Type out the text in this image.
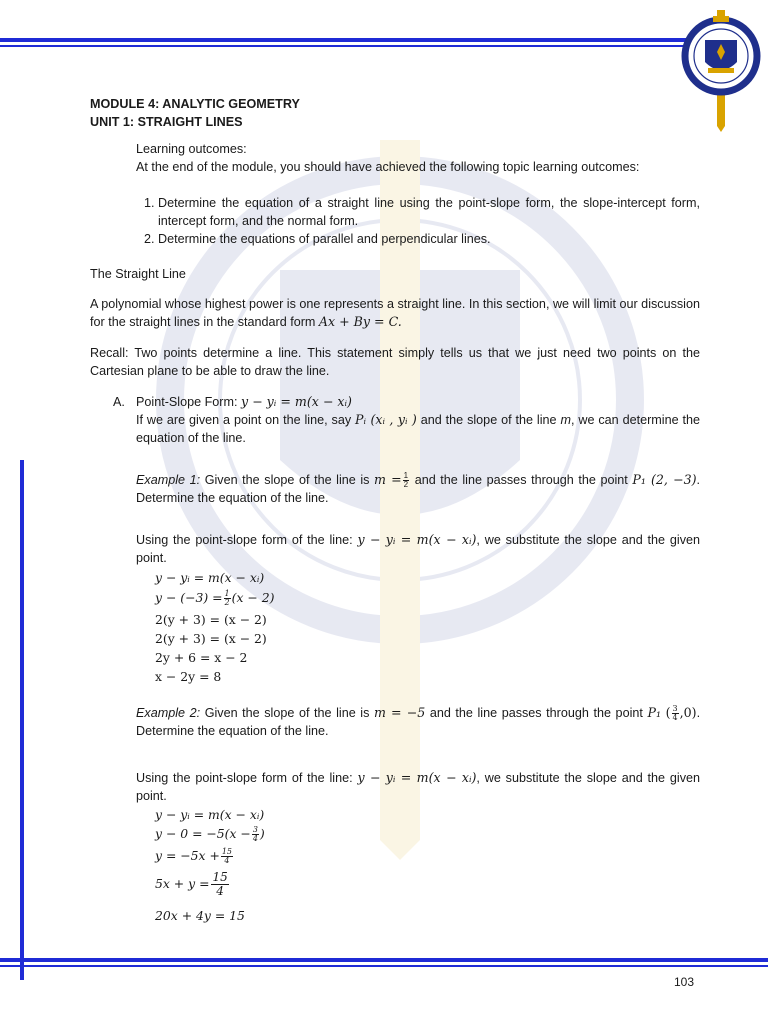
MODULE 4: ANALYTIC GEOMETRY
UNIT 1: STRAIGHT LINES
Learning outcomes:
At the end of the module, you should have achieved the following topic learning outcomes:
1. Determine the equation of a straight line using the point-slope form, the slope-intercept form, intercept form, and the normal form.
2. Determine the equations of parallel and perpendicular lines.
The Straight Line
A polynomial whose highest power is one represents a straight line. In this section, we will limit our discussion for the straight lines in the standard form Ax + By = C.
Recall: Two points determine a line. This statement simply tells us that we just need two points on the Cartesian plane to be able to draw the line.
A. Point-Slope Form: y − yᵢ = m(x − xᵢ)
If we are given a point on the line, say Pᵢ (xᵢ , yᵢ ) and the slope of the line m, we can determine the equation of the line.
Example 1: Given the slope of the line is $m = \frac{1}{2}$ and the line passes through the point P₁ (2, −3). Determine the equation of the line.
Using the point-slope form of the line: y − yᵢ = m(x − xᵢ), we substitute the slope and the given point.
y − yᵢ = m(x − xᵢ)
$y - (-3) = \frac{1}{2} (x - 2)$
2(y + 3) = (x − 2)
2(y + 3) = (x − 2)
2y + 6 = x − 2
x − 2y = 8
Example 2: Given the slope of the line is m = −5 and the line passes through the point P₁ ( $\frac{3}{4} ,0$). Determine the equation of the line.
Using the point-slope form of the line: y − yᵢ = m(x − xᵢ), we substitute the slope and the given point.
y − yᵢ = m(x − xᵢ)
$y - 0 = -5(x - \frac{3}{4}$ )
$y = -5x + \frac{15}{4}$
$5x + y = \frac{15}{4}$
20x + 4y = 15
103
